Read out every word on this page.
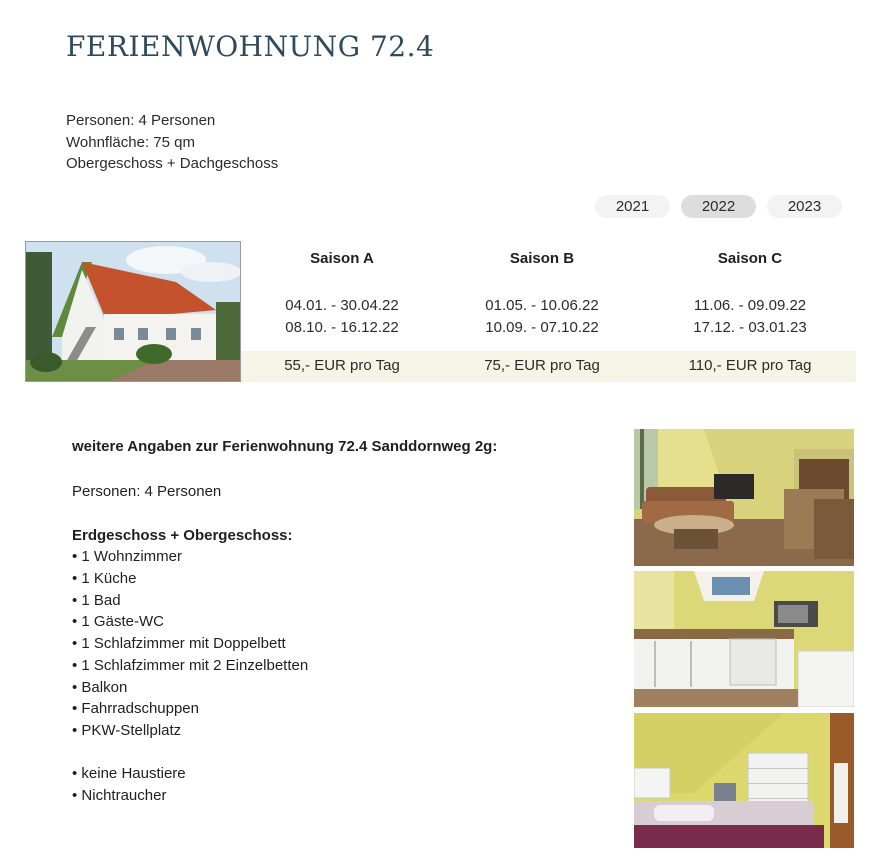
FERIENWOHNUNG 72.4
Personen: 4 Personen
Wohnfläche: 75 qm
Obergeschoss + Dachgeschoss
2021	2022	2023
Saison A
04.01. - 30.04.22
08.10. - 16.12.22
55,- EUR pro Tag
Saison B
01.05. - 10.06.22
10.09. - 07.10.22
75,- EUR pro Tag
Saison C
11.06. - 09.09.22
17.12. - 03.01.23
110,- EUR pro Tag
weitere Angaben zur Ferienwohnung 72.4 Sanddornweg 2g:
Personen: 4 Personen
Erdgeschoss + Obergeschoss:
• 1 Wohnzimmer
• 1 Küche
• 1 Bad
• 1 Gäste-WC
• 1 Schlafzimmer mit Doppelbett
• 1 Schlafzimmer mit 2 Einzelbetten
• Balkon
• Fahrradschuppen
• PKW-Stellplatz
• keine Haustiere
• Nichtraucher
